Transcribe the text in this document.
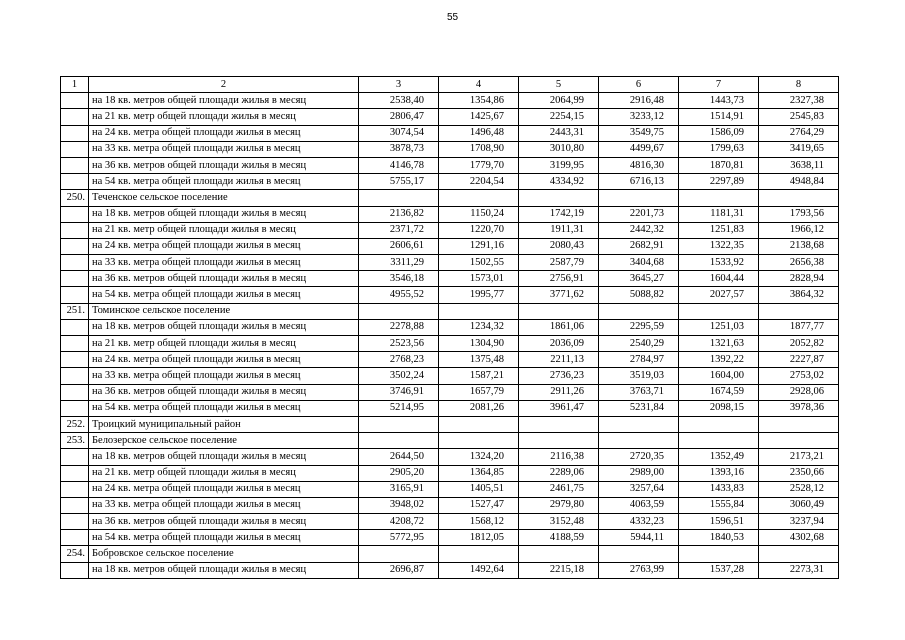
55
1	2	3	4	5	6	7	8
	на 18 кв. метров общей площади жилья в месяц	2538,40	1354,86	2064,99	2916,48	1443,73	2327,38
	на 21 кв. метр общей площади жилья в месяц	2806,47	1425,67	2254,15	3233,12	1514,91	2545,83
	на 24 кв. метра общей площади жилья в месяц	3074,54	1496,48	2443,31	3549,75	1586,09	2764,29
	на 33 кв. метра общей площади жилья в месяц	3878,73	1708,90	3010,80	4499,67	1799,63	3419,65
	на 36 кв. метров общей площади жилья в месяц	4146,78	1779,70	3199,95	4816,30	1870,81	3638,11
	на 54 кв. метра общей площади жилья в месяц	5755,17	2204,54	4334,92	6716,13	2297,89	4948,84
250.	Теченское сельское поселение						
	на 18 кв. метров общей площади жилья в месяц	2136,82	1150,24	1742,19	2201,73	1181,31	1793,56
	на 21 кв. метр общей площади жилья в месяц	2371,72	1220,70	1911,31	2442,32	1251,83	1966,12
	на 24 кв. метра общей площади жилья в месяц	2606,61	1291,16	2080,43	2682,91	1322,35	2138,68
	на 33 кв. метра общей площади жилья в месяц	3311,29	1502,55	2587,79	3404,68	1533,92	2656,38
	на 36 кв. метров общей площади жилья в месяц	3546,18	1573,01	2756,91	3645,27	1604,44	2828,94
	на 54 кв. метра общей площади жилья в месяц	4955,52	1995,77	3771,62	5088,82	2027,57	3864,32
251.	Томинское сельское поселение						
	на 18 кв. метров общей площади жилья в месяц	2278,88	1234,32	1861,06	2295,59	1251,03	1877,77
	на 21 кв. метр общей площади жилья в месяц	2523,56	1304,90	2036,09	2540,29	1321,63	2052,82
	на 24 кв. метра общей площади жилья в месяц	2768,23	1375,48	2211,13	2784,97	1392,22	2227,87
	на 33 кв. метра общей площади жилья в месяц	3502,24	1587,21	2736,23	3519,03	1604,00	2753,02
	на 36 кв. метров общей площади жилья в месяц	3746,91	1657,79	2911,26	3763,71	1674,59	2928,06
	на 54 кв. метра общей площади жилья в месяц	5214,95	2081,26	3961,47	5231,84	2098,15	3978,36
252.	Троицкий муниципальный район						
253.	Белозерское сельское поселение						
	на 18 кв. метров общей площади жилья в месяц	2644,50	1324,20	2116,38	2720,35	1352,49	2173,21
	на 21 кв. метр общей площади жилья в месяц	2905,20	1364,85	2289,06	2989,00	1393,16	2350,66
	на 24 кв. метра общей площади жилья в месяц	3165,91	1405,51	2461,75	3257,64	1433,83	2528,12
	на 33 кв. метра общей площади жилья в месяц	3948,02	1527,47	2979,80	4063,59	1555,84	3060,49
	на 36 кв. метров общей площади жилья в месяц	4208,72	1568,12	3152,48	4332,23	1596,51	3237,94
	на 54 кв. метра общей площади жилья в месяц	5772,95	1812,05	4188,59	5944,11	1840,53	4302,68
254.	Бобровское сельское поселение						
	на 18 кв. метров общей площади жилья в месяц	2696,87	1492,64	2215,18	2763,99	1537,28	2273,31
